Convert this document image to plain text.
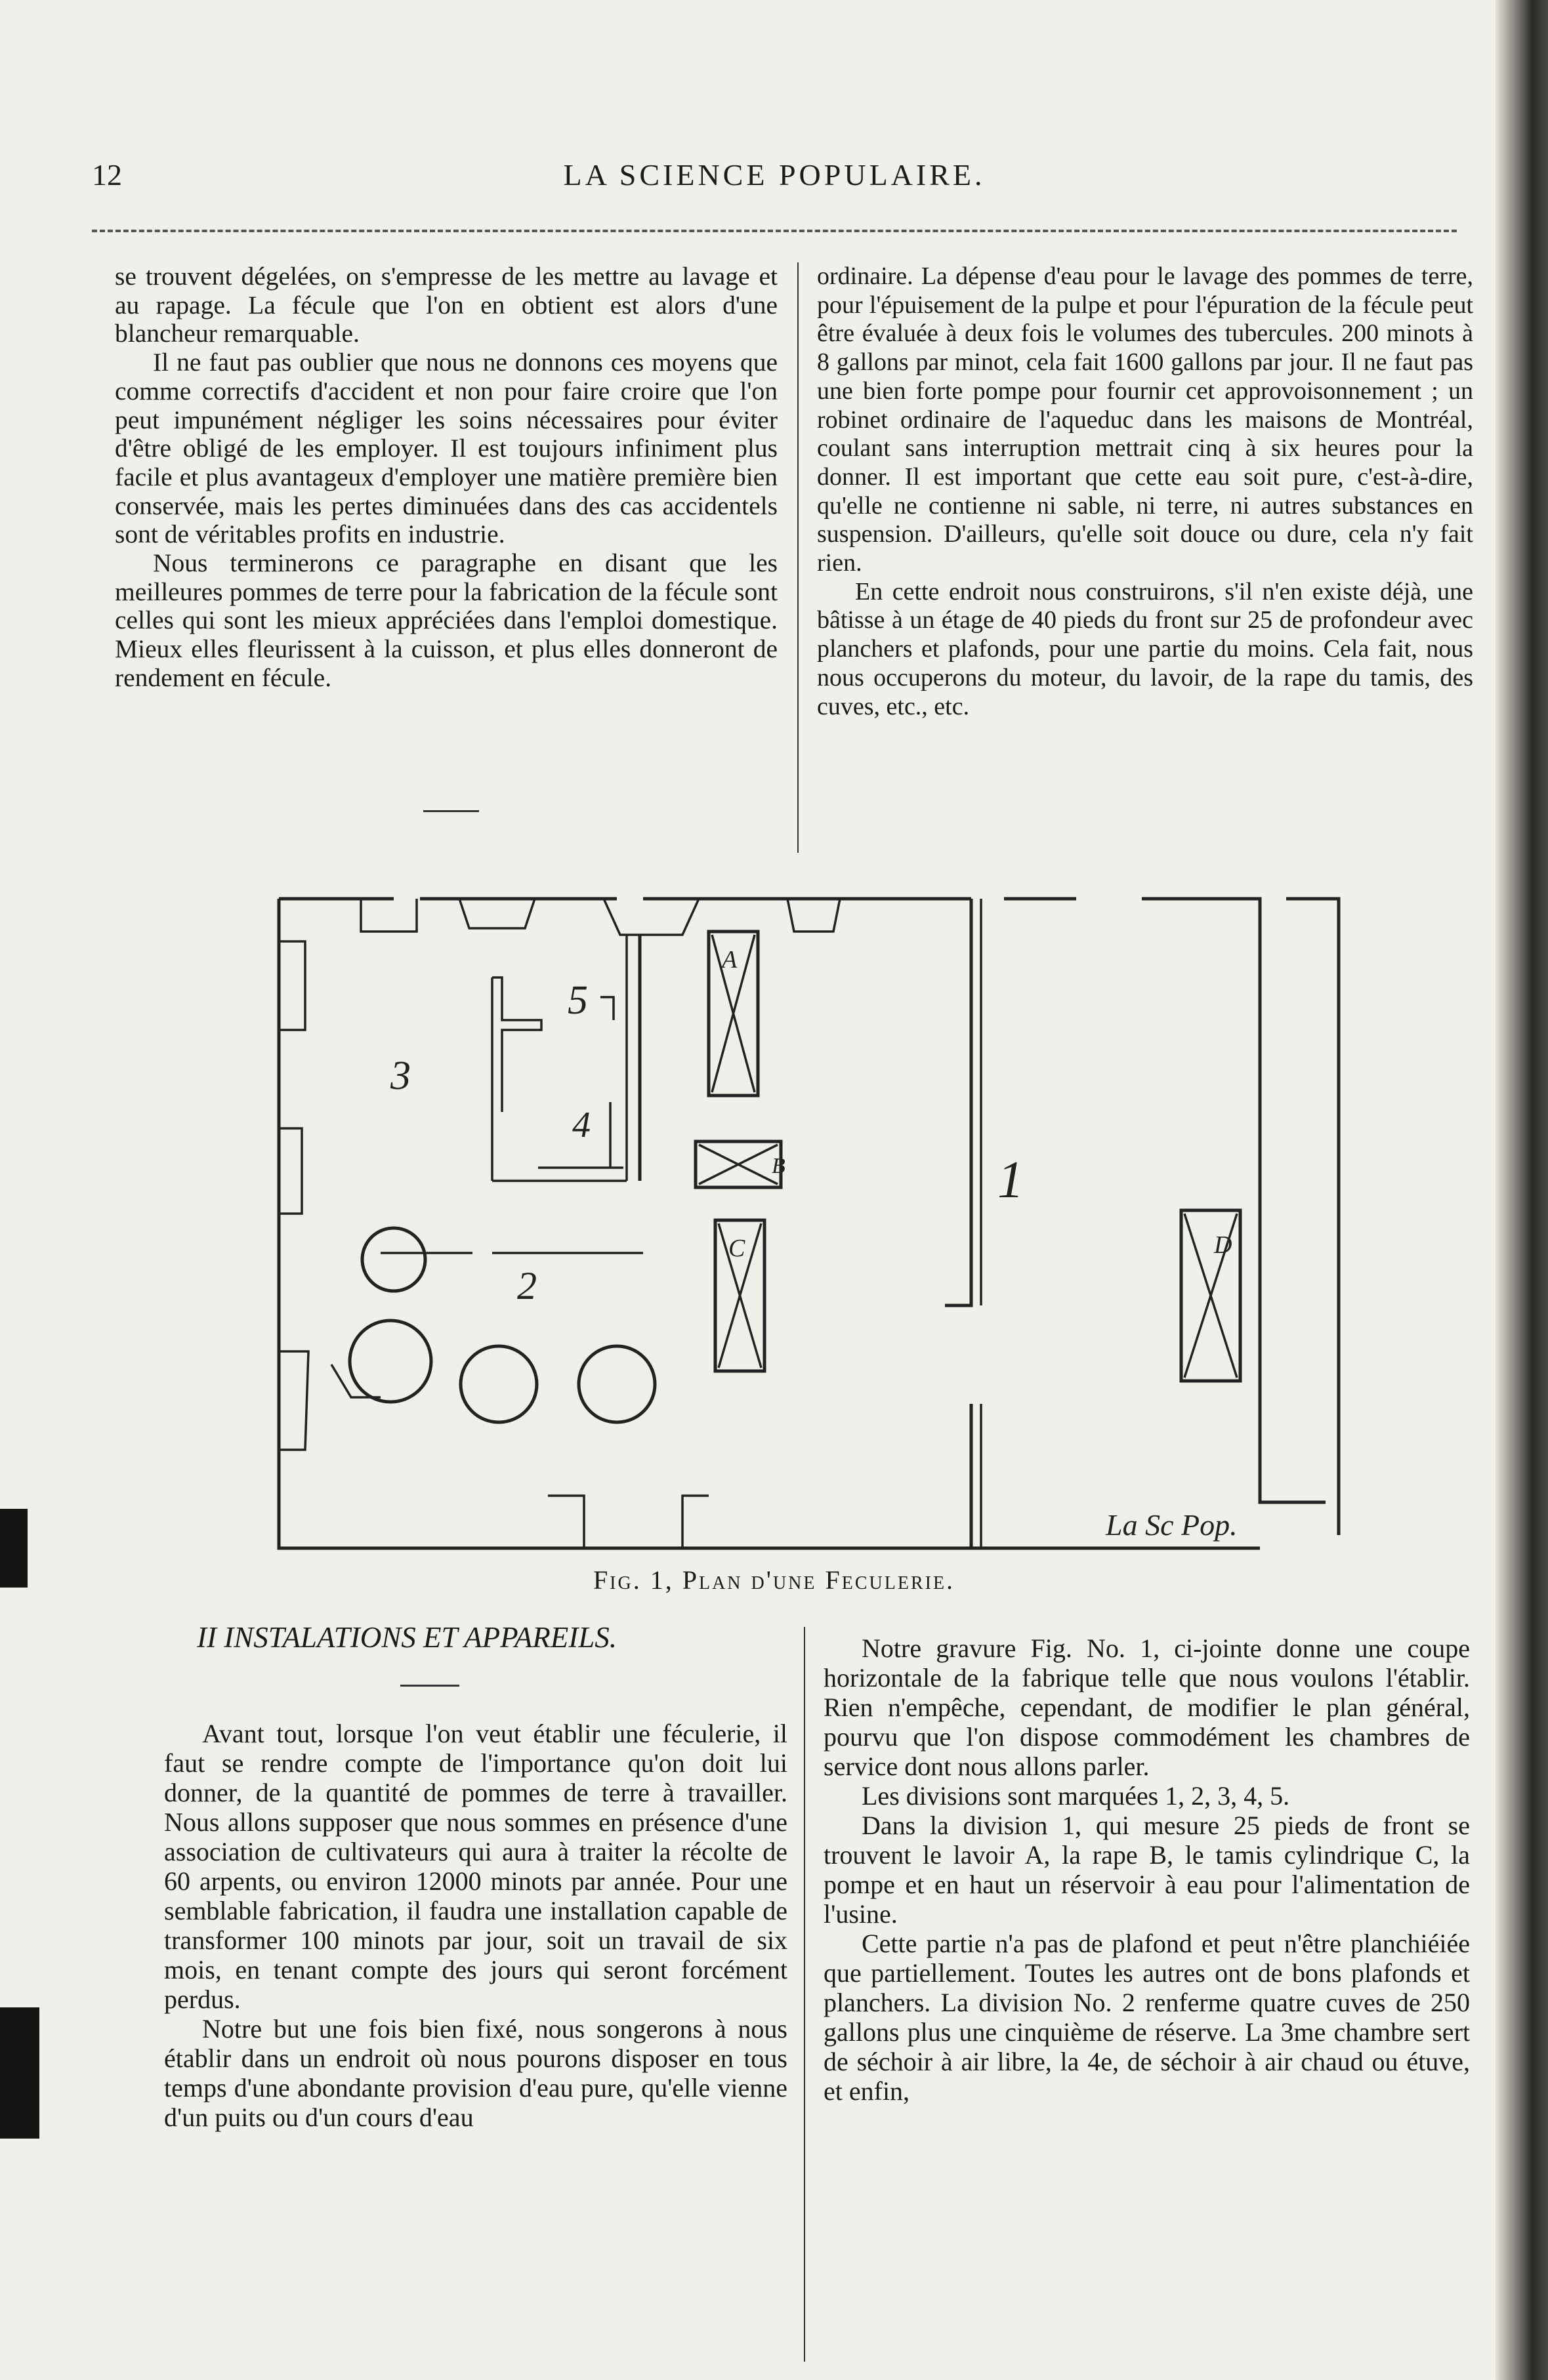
12	LA SCIENCE POPULAIRE.

se trouvent dégelées, on s'empresse de les mettre au lavage et au rapage. La fécule que l'on en obtient est alors d'une blancheur remarquable.

Il ne faut pas oublier que nous ne donnons ces moyens que comme correctifs d'accident et non pour faire croire que l'on peut impunément négliger les soins nécessaires pour éviter d'être obligé de les employer. Il est toujours infiniment plus facile et plus avantageux d'employer une matière première bien conservée, mais les pertes diminuées dans des cas accidentels sont de véritables profits en industrie.

Nous terminerons ce paragraphe en disant que les meilleures pommes de terre pour la fabrication de la fécule sont celles qui sont les mieux appréciées dans l'emploi domestique. Mieux elles fleurissent à la cuisson, et plus elles donneront de rendement en fécule.

ordinaire. La dépense d'eau pour le lavage des pommes de terre, pour l'épuisement de la pulpe et pour l'épuration de la fécule peut être évaluée à deux fois le volumes des tubercules. 200 minots à 8 gallons par minot, cela fait 1600 gallons par jour. Il ne faut pas une bien forte pompe pour fournir cet approvoisonnement ; un robinet ordinaire de l'aqueduc dans les maisons de Montréal, coulant sans interruption mettrait cinq à six heures pour la donner. Il est important que cette eau soit pure, c'est-à-dire, qu'elle ne contienne ni sable, ni terre, ni autres substances en suspension. D'ailleurs, qu'elle soit douce ou dure, cela n'y fait rien.

En cette endroit nous construirons, s'il n'en existe déjà, une bâtisse à un étage de 40 pieds du front sur 25 de profondeur avec planchers et plafonds, pour une partie du moins. Cela fait, nous nous occuperons du moteur, du lavoir, de la rape du tamis, des cuves, etc., etc.

5
3
4
2
1
A
B
C	D
La Sc Pop.
Fig. 1, Plan d'une Feculerie.
II INSTALATIONS ET APPAREILS.

Avant tout, lorsque l'on veut établir une féculerie, il faut se rendre compte de l'importance qu'on doit lui donner, de la quantité de pommes de terre à travailler. Nous allons supposer que nous sommes en présence d'une association de cultivateurs qui aura à traiter la récolte de 60 arpents, ou environ 12000 minots par année. Pour une semblable fabrication, il faudra une installation capable de transformer 100 minots par jour, soit un travail de six mois, en tenant compte des jours qui seront forcément perdus.

Notre but une fois bien fixé, nous songerons à nous établir dans un endroit où nous pourons disposer en tous temps d'une abondante provision d'eau pure, qu'elle vienne d'un puits ou d'un cours d'eau

Notre gravure Fig. No. 1, ci-jointe donne une coupe horizontale de la fabrique telle que nous voulons l'établir. Rien n'empêche, cependant, de modifier le plan général, pourvu que l'on dispose commodément les chambres de service dont nous allons parler.

Les divisions sont marquées 1, 2, 3, 4, 5.

Dans la division 1, qui mesure 25 pieds de front se trouvent le lavoir A, la rape B, le tamis cylindrique C, la pompe et en haut un réservoir à eau pour l'alimentation de l'usine.

Cette partie n'a pas de plafond et peut n'être planchiéiée que partiellement. Toutes les autres ont de bons plafonds et planchers. La division No. 2 renferme quatre cuves de 250 gallons plus une cinquième de réserve. La 3me chambre sert de séchoir à air libre, la 4e, de séchoir à air chaud ou étuve, et enfin,
